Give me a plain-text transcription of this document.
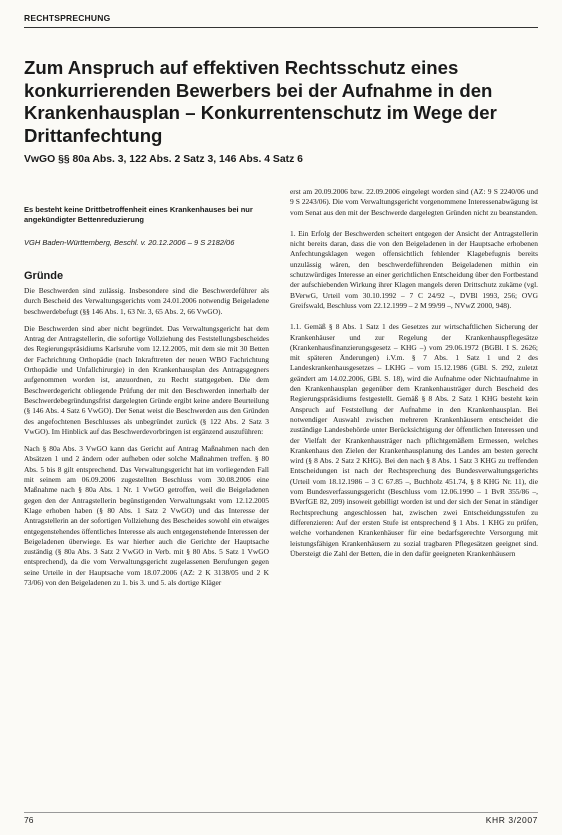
RECHTSPRECHUNG
Zum Anspruch auf effektiven Rechtsschutz eines konkurrierenden Bewerbers bei der Aufnahme in den Krankenhausplan – Konkurrentenschutz im Wege der Drittanfechtung
VwGO §§ 80a Abs. 3, 122 Abs. 2 Satz 3, 146 Abs. 4 Satz 6

Es besteht keine Drittbetroffenheit eines Krankenhauses bei nur angekündigter Bettenreduzierung

VGH Baden-Württemberg, Beschl. v. 20.12.2006 – 9 S 2182/06

Gründe

Die Beschwerden sind zulässig. Insbesondere sind die Beschwerdeführer als durch Bescheid des Verwaltungsgerichts vom 24.01.2006 notwendig Beigeladene beschwerdebefugt (§§ 146 Abs. 1, 63 Nr. 3, 65 Abs. 2, 66 VwGO).

Die Beschwerden sind aber nicht begründet. Das Verwaltungsgericht hat dem Antrag der Antragstellerin, die sofortige Vollziehung des Feststellungsbescheides des Regierungspräsidiums Karlsruhe vom 12.12.2005, mit dem sie mit 30 Betten der Fachrichtung Orthopädie (nach Inkrafttreten der neuen WBO Fachrichtung Orthopädie und Unfallchirurgie) in den Krankenhausplan des Antragsgegners aufgenommen worden ist, anzuordnen, zu Recht stattgegeben. Die dem Beschwerdegericht obliegende Prüfung der mit den Beschwerden innerhalb der Beschwerdebegründungsfrist dargelegten Gründe ergibt keine andere Beurteilung (§ 146 Abs. 4 Satz 6 VwGO). Der Senat weist die Beschwerden aus den Gründen des angefochtenen Beschlusses als unbegründet zurück (§ 122 Abs. 2 Satz 3 VwGO). Im Hinblick auf das Beschwerdevorbringen ist ergänzend auszuführen:

Nach § 80a Abs. 3 VwGO kann das Gericht auf Antrag Maßnahmen nach den Absätzen 1 und 2 ändern oder aufheben oder solche Maßnahmen treffen. § 80 Abs. 5 bis 8 gilt entsprechend. Das Verwaltungsgericht hat im vorliegenden Fall mit seinem am 06.09.2006 zugestellten Beschluss vom 30.08.2006 eine Maßnahme nach § 80a Abs. 1 Nr. 1 VwGO getroffen, weil die Beigeladenen gegen den der Antragstellerin begünstigenden Verwaltungsakt vom 12.12.2005 Klage erhoben haben (§ 80 Abs. 1 Satz 2 VwGO) und das Interesse der Antragstellerin an der sofortigen Vollziehung des Bescheides sowohl ein etwaiges entgegenstehendes öffentliches Interesse als auch entgegenstehende Interessen der Beigeladenen überwiege. Es war hierher auch die Gerichte der Hauptsache zuständig (§ 80a Abs. 3 Satz 2 VwGO in Verb. mit § 80 Abs. 5 Satz 1 VwGO entsprechend), da die vom Verwaltungsgericht zugelassenen Berufungen gegen seine Urteile in der Hauptsache vom 18.07.2006 (AZ: 2 K 3138/05 und 2 K 73/06) von den Beigeladenen zu 1. bis 3. und 5. als dortige Kläger

erst am 20.09.2006 bzw. 22.09.2006 eingelegt worden sind (AZ: 9 S 2240/06 und 9 S 2243/06). Die vom Verwaltungsgericht vorgenommene Interessenabwägung ist vom Senat aus den mit der Beschwerde dargelegten Gründen nicht zu beanstanden.

1. Ein Erfolg der Beschwerden scheitert entgegen der Ansicht der Antragstellerin nicht bereits daran, dass die von den Beigeladenen in der Hauptsache erhobenen Anfechtungsklagen wegen offensichtlich fehlender Klagebefugnis bereits unzulässig wären, den beschwerdeführenden Beigeladenen mithin ein schutzwürdiges Interesse an einer gerichtlichen Entscheidung über den Fortbestand der aufschiebenden Wirkung ihrer Klagen mangels deren Drittschutz zukäme (vgl. BVerwG, Urteil vom 30.10.1992 – 7 C 24/92 –, DVBl 1993, 256; OVG Greifswald, Beschluss vom 22.12.1999 – 2 M 99/99 –, NVwZ 2000, 948).

1.1. Gemäß § 8 Abs. 1 Satz 1 des Gesetzes zur wirtschaftlichen Sicherung der Krankenhäuser und zur Regelung der Krankenhauspflegesätze (Krankenhausfinanzierungsgesetz – KHG –) vom 29.06.1972 (BGBl. I S. 2626; mit späteren Änderungen) i.V.m. § 7 Abs. 1 Satz 1 und 2 des Landeskrankenhausgesetzes – LKHG – vom 15.12.1986 (GBl. S. 292, zuletzt geändert am 14.02.2006, GBl. S. 18), wird die Aufnahme oder Nichtaufnahme in den Krankenhausplan gegenüber dem Krankenhausträger durch Bescheid des Regierungspräsidiums festgestellt. Gemäß § 8 Abs. 2 Satz 1 KHG besteht kein Anspruch auf Feststellung der Aufnahme in den Krankenhausplan. Bei notwendiger Auswahl zwischen mehreren Krankenhäusern entscheidet die zuständige Landesbehörde unter Berücksichtigung der öffentlichen Interessen und der Vielfalt der Krankenhausträger nach pflichtgemäßem Ermessen, welches Krankenhaus den Zielen der Krankenhausplanung des Landes am besten gerecht wird (§ 8 Abs. 2 Satz 2 KHG). Bei den nach § 8 Abs. 1 Satz 3 KHG zu treffenden Entscheidungen ist nach der Rechtsprechung des Bundesverwaltungsgerichts (Urteil vom 18.12.1986 – 3 C 67.85 –, Buchholz 451.74, § 8 KHG Nr. 11), die vom Bundesverfassungsgericht (Beschluss vom 12.06.1990 – 1 BvR 355/86 –, BVerfGE 82, 209) insoweit gebilligt worden ist und der sich der Senat in ständiger Rechtsprechung angeschlossen hat, zwischen zwei Entscheidungsstufen zu differenzieren: Auf der ersten Stufe ist entsprechend § 1 Abs. 1 KHG zu prüfen, welche vorhandenen Krankenhäuser für eine bedarfsgerechte Versorgung mit leistungsfähigen Krankenhäusern zu sozial tragbaren Pflegesätzen geeignet sind. Übersteigt die Zahl der Betten, die in den dafür geeigneten Krankenhäusern

76	KHR 3/2007
